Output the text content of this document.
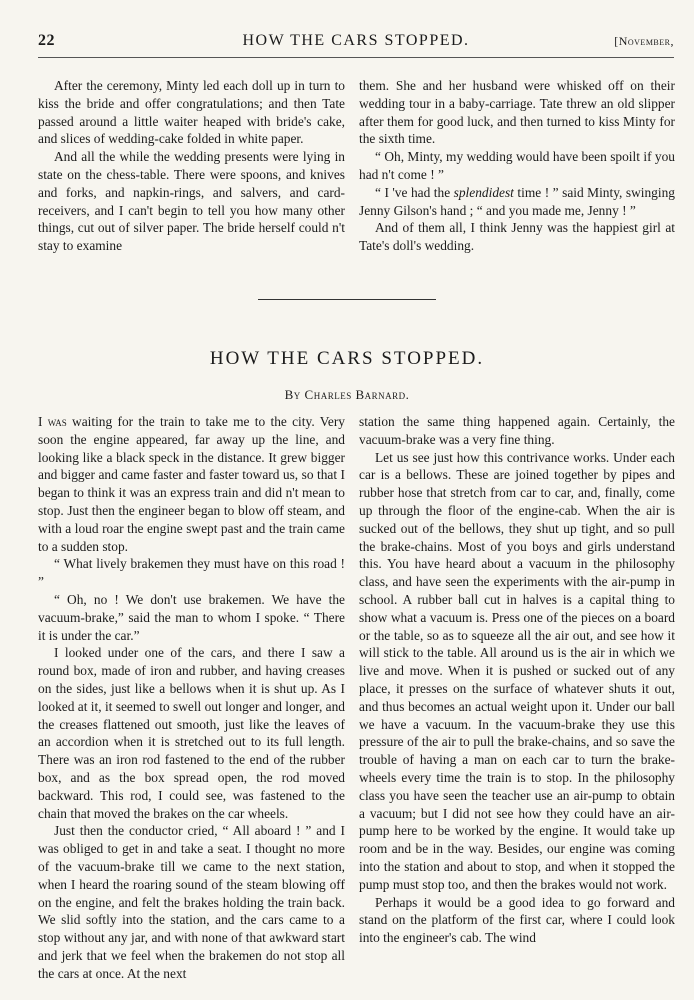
22	HOW THE CARS STOPPED.	[November,

After the ceremony, Minty led each doll up in turn to kiss the bride and offer congratulations; and then Tate passed around a little waiter heaped with bride's cake, and slices of wedding-cake folded in white paper.

And all the while the wedding presents were lying in state on the chess-table. There were spoons, and knives and forks, and napkin-rings, and salvers, and card-receivers, and I can't begin to tell you how many other things, cut out of silver paper. The bride herself could n't stay to examine

them. She and her husband were whisked off on their wedding tour in a baby-carriage. Tate threw an old slipper after them for good luck, and then turned to kiss Minty for the sixth time.

“ Oh, Minty, my wedding would have been spoilt if you had n't come ! ”

“ I 've had the splendidest time ! ” said Minty, swinging Jenny Gilson's hand ; “ and you made me, Jenny ! ”

And of them all, I think Jenny was the happiest girl at Tate's doll's wedding.

HOW THE CARS STOPPED.
By Charles Barnard.

I was waiting for the train to take me to the city. Very soon the engine appeared, far away up the line, and looking like a black speck in the distance. It grew bigger and bigger and came faster and faster toward us, so that I began to think it was an express train and did n't mean to stop. Just then the engineer began to blow off steam, and with a loud roar the engine swept past and the train came to a sudden stop.

“ What lively brakemen they must have on this road ! ”

“ Oh, no ! We don't use brakemen. We have the vacuum-brake,” said the man to whom I spoke. “ There it is under the car.”

I looked under one of the cars, and there I saw a round box, made of iron and rubber, and having creases on the sides, just like a bellows when it is shut up. As I looked at it, it seemed to swell out longer and longer, and the creases flattened out smooth, just like the leaves of an accordion when it is stretched out to its full length. There was an iron rod fastened to the end of the rubber box, and as the box spread open, the rod moved backward. This rod, I could see, was fastened to the chain that moved the brakes on the car wheels.

Just then the conductor cried, “ All aboard ! ” and I was obliged to get in and take a seat. I thought no more of the vacuum-brake till we came to the next station, when I heard the roaring sound of the steam blowing off on the engine, and felt the brakes holding the train back. We slid softly into the station, and the cars came to a stop without any jar, and with none of that awkward start and jerk that we feel when the brakemen do not stop all the cars at once. At the next

station the same thing happened again. Certainly, the vacuum-brake was a very fine thing.

Let us see just how this contrivance works. Under each car is a bellows. These are joined together by pipes and rubber hose that stretch from car to car, and, finally, come up through the floor of the engine-cab. When the air is sucked out of the bellows, they shut up tight, and so pull the brake-chains. Most of you boys and girls understand this. You have heard about a vacuum in the philosophy class, and have seen the experiments with the air-pump in school. A rubber ball cut in halves is a capital thing to show what a vacuum is. Press one of the pieces on a board or the table, so as to squeeze all the air out, and see how it will stick to the table. All around us is the air in which we live and move. When it is pushed or sucked out of any place, it presses on the surface of whatever shuts it out, and thus becomes an actual weight upon it. Under our ball we have a vacuum. In the vacuum-brake they use this pressure of the air to pull the brake-chains, and so save the trouble of having a man on each car to turn the brake-wheels every time the train is to stop. In the philosophy class you have seen the teacher use an air-pump to obtain a vacuum; but I did not see how they could have an air-pump here to be worked by the engine. It would take up room and be in the way. Besides, our engine was coming into the station and about to stop, and when it stopped the pump must stop too, and then the brakes would not work.

Perhaps it would be a good idea to go forward and stand on the platform of the first car, where I could look into the engineer's cab. The wind
